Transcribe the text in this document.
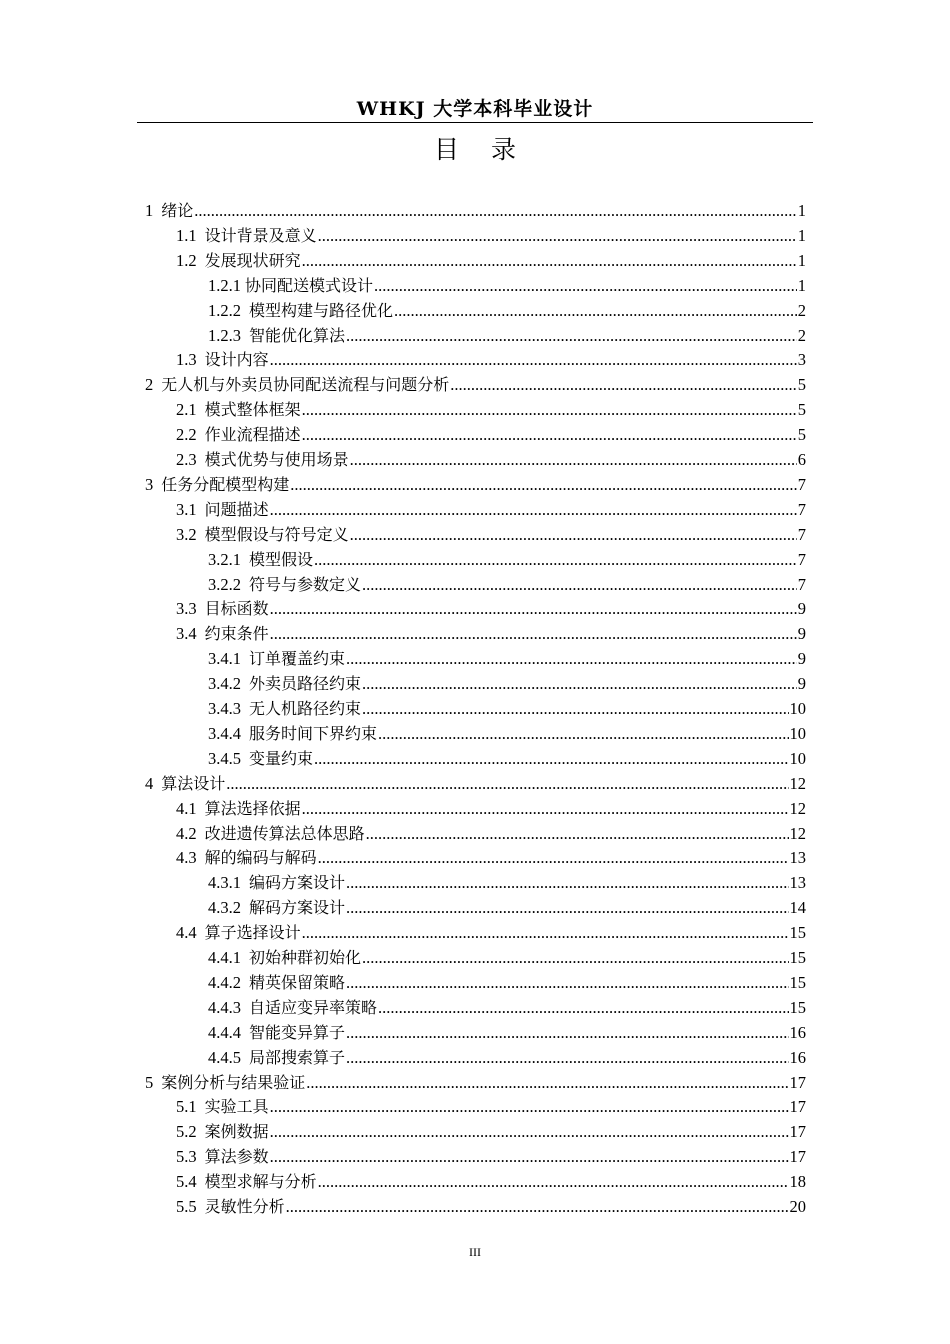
WHKJ 大学本科毕业设计
目 录
1 绪论 .....	1
1.1 设计背景及意义 .....	1
1.2 发展现状研究 .....	1
1.2.1 协同配送模式设计 .....	1
1.2.2 模型构建与路径优化 .....	2
1.2.3 智能优化算法 .....	2
1.3 设计内容 .....	3
2 无人机与外卖员协同配送流程与问题分析 .....	5
2.1 模式整体框架 .....	5
2.2 作业流程描述 .....	5
2.3 模式优势与使用场景 .....	6
3 任务分配模型构建 .....	7
3.1 问题描述 .....	7
3.2 模型假设与符号定义 .....	7
3.2.1 模型假设 .....	7
3.2.2 符号与参数定义 .....	7
3.3 目标函数 .....	9
3.4 约束条件 .....	9
3.4.1 订单覆盖约束 .....	9
3.4.2 外卖员路径约束 .....	9
3.4.3 无人机路径约束 .....	10
3.4.4 服务时间下界约束 .....	10
3.4.5 变量约束 .....	10
4 算法设计 .....	12
4.1 算法选择依据 .....	12
4.2 改进遗传算法总体思路 .....	12
4.3 解的编码与解码 .....	13
4.3.1 编码方案设计 .....	13
4.3.2 解码方案设计 .....	14
4.4 算子选择设计 .....	15
4.4.1 初始种群初始化 .....	15
4.4.2 精英保留策略 .....	15
4.4.3 自适应变异率策略 .....	15
4.4.4 智能变异算子 .....	16
4.4.5 局部搜索算子 .....	16
5 案例分析与结果验证 .....	17
5.1 实验工具 .....	17
5.2 案例数据 .....	17
5.3 算法参数 .....	17
5.4 模型求解与分析 .....	18
5.5 灵敏性分析 .....	20
III
